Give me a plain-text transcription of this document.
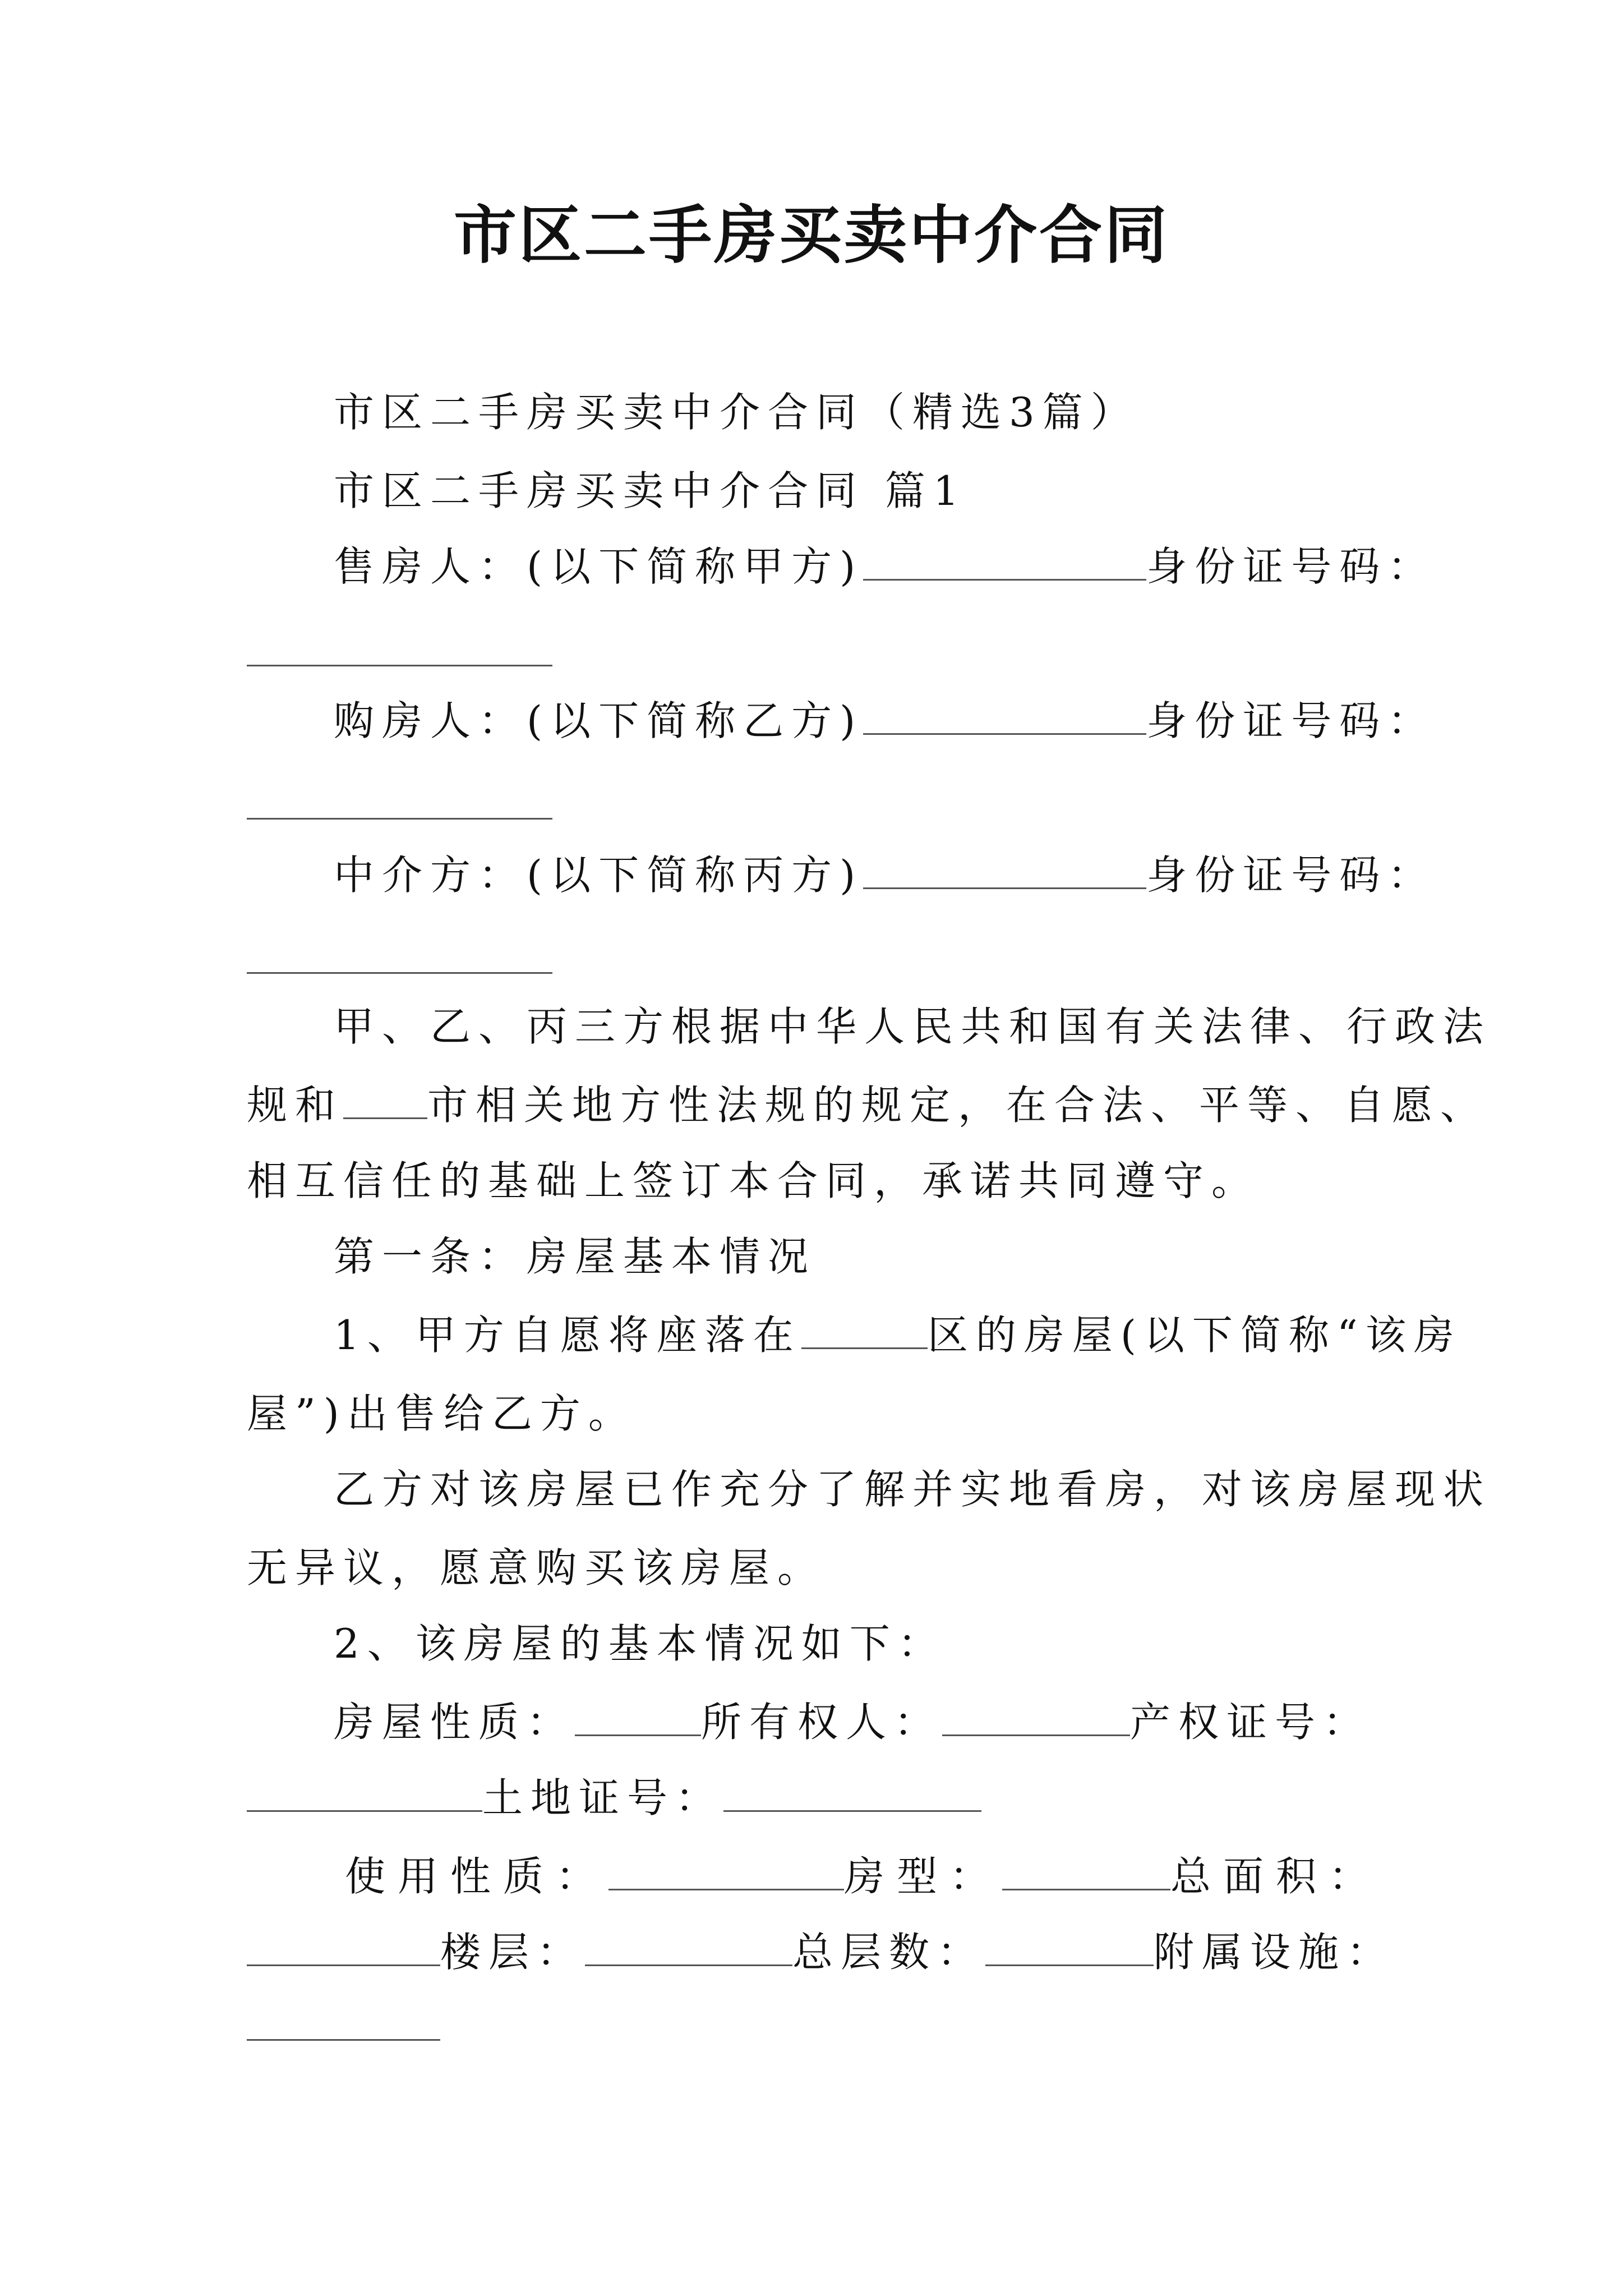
市区二手房买卖中介合同
市区二手房买卖中介合同（精选3篇）
市区二手房买卖中介合同 篇1
售房人：(以下简称甲方)	身份证号码：
购房人：(以下简称乙方)	身份证号码：
中介方：(以下简称丙方)	身份证号码：
甲、乙、丙三方根据中华人民共和国有关法律、行政法
规和 市相关地方性法规的规定，在合法、平等、自愿、
相互信任的基础上签订本合同，承诺共同遵守。
第一条：房屋基本情况
1、甲方自愿将座落在	区的房屋(以下简称“该房
屋”)出售给乙方。
乙方对该房屋已作充分了解并实地看房，对该房屋现状
无异议，愿意购买该房屋。
2、该房屋的基本情况如下：
房屋性质：	所有权人：	产权证号：
土地证号：
使用性质：	房型：	总面积：
楼层：	总层数：	附属设施：
